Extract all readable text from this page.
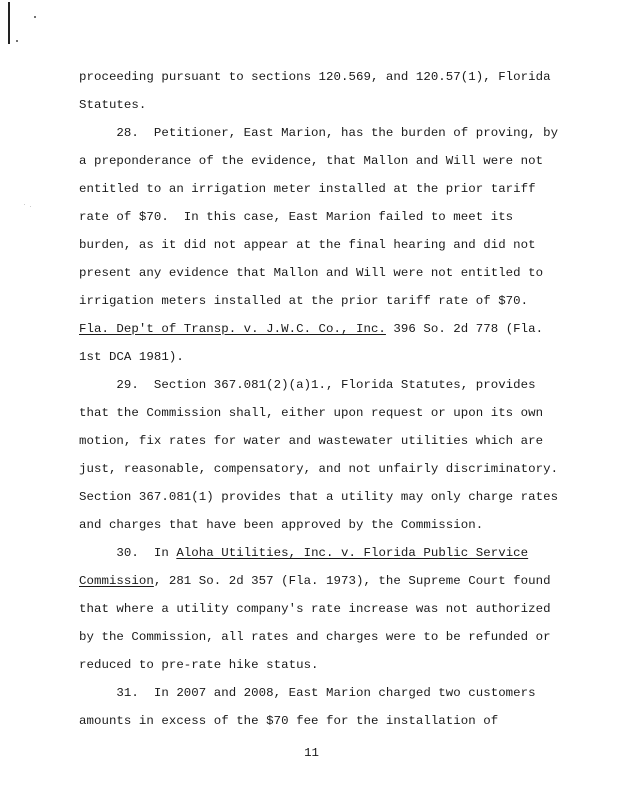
proceeding pursuant to sections 120.569, and 120.57(1), Florida
Statutes.
28.  Petitioner, East Marion, has the burden of proving, by
a preponderance of the evidence, that Mallon and Will were not
entitled to an irrigation meter installed at the prior tariff
rate of $70.  In this case, East Marion failed to meet its
burden, as it did not appear at the final hearing and did not
present any evidence that Mallon and Will were not entitled to
irrigation meters installed at the prior tariff rate of $70.
Fla. Dep't of Transp. v. J.W.C. Co., Inc. 396 So. 2d 778 (Fla.
1st DCA 1981).
29.  Section 367.081(2)(a)1., Florida Statutes, provides
that the Commission shall, either upon request or upon its own
motion, fix rates for water and wastewater utilities which are
just, reasonable, compensatory, and not unfairly discriminatory.
Section 367.081(1) provides that a utility may only charge rates
and charges that have been approved by the Commission.
30.  In Aloha Utilities, Inc. v. Florida Public Service
Commission, 281 So. 2d 357 (Fla. 1973), the Supreme Court found
that where a utility company's rate increase was not authorized
by the Commission, all rates and charges were to be refunded or
reduced to pre-rate hike status.
31.  In 2007 and 2008, East Marion charged two customers
amounts in excess of the $70 fee for the installation of
11
